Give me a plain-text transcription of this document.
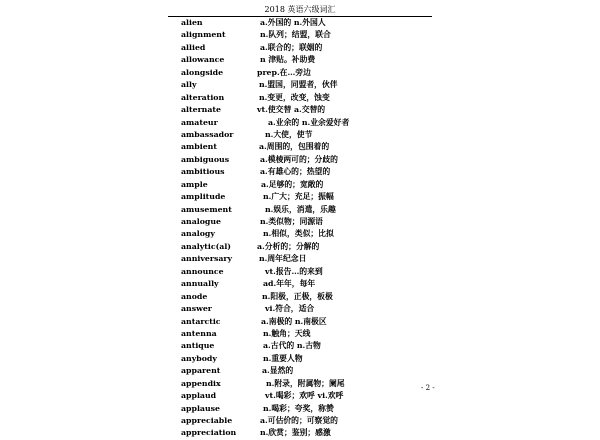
2018 英语六级词汇
alien	a.外国的 n.外国人
alignment	n.队列；结盟，联合
allied	a.联合的；联姻的
allowance	n 津贴。补助费
alongside	prep.在…旁边
ally	n.盟国，同盟者，伙伴
alteration	n.变更，改变，蚀变
alternate	vt.使交替 a.交替的
amateur	a.业余的 n.业余爱好者
ambassador	n.大使，使节
ambient	a.周围的，包围着的
ambiguous	a.模棱两可的；分歧的
ambitious	a.有雄心的；热望的
ample	a.足够的；宽敞的
amplitude	n.广大；充足；振幅
amusement	n.娱乐，消遣，乐趣
analogue	n.类似物；同源语
analogy	n.相似，类似；比拟
analytic(al)	a.分析的；分解的
anniversary	n.周年纪念日
announce	vt.报告…的来到
annually	ad.年年，每年
anode	n.阳极，正极，板极
answer	vi.符合，适合
antarctic	a.南极的 n.南极区
antenna	n.触角；天线
antique	a.古代的 n.古物
anybody	n.重要人物
apparent	a.显然的
appendix	n.附录，附属物；阑尾
applaud	vt.喝彩；欢呼 vi.欢呼
applause	n.喝彩；夸奖，称赞
appreciable	a.可估价的；可察觉的
appreciation	n.欣赏；鉴别；感激
- 2 -
